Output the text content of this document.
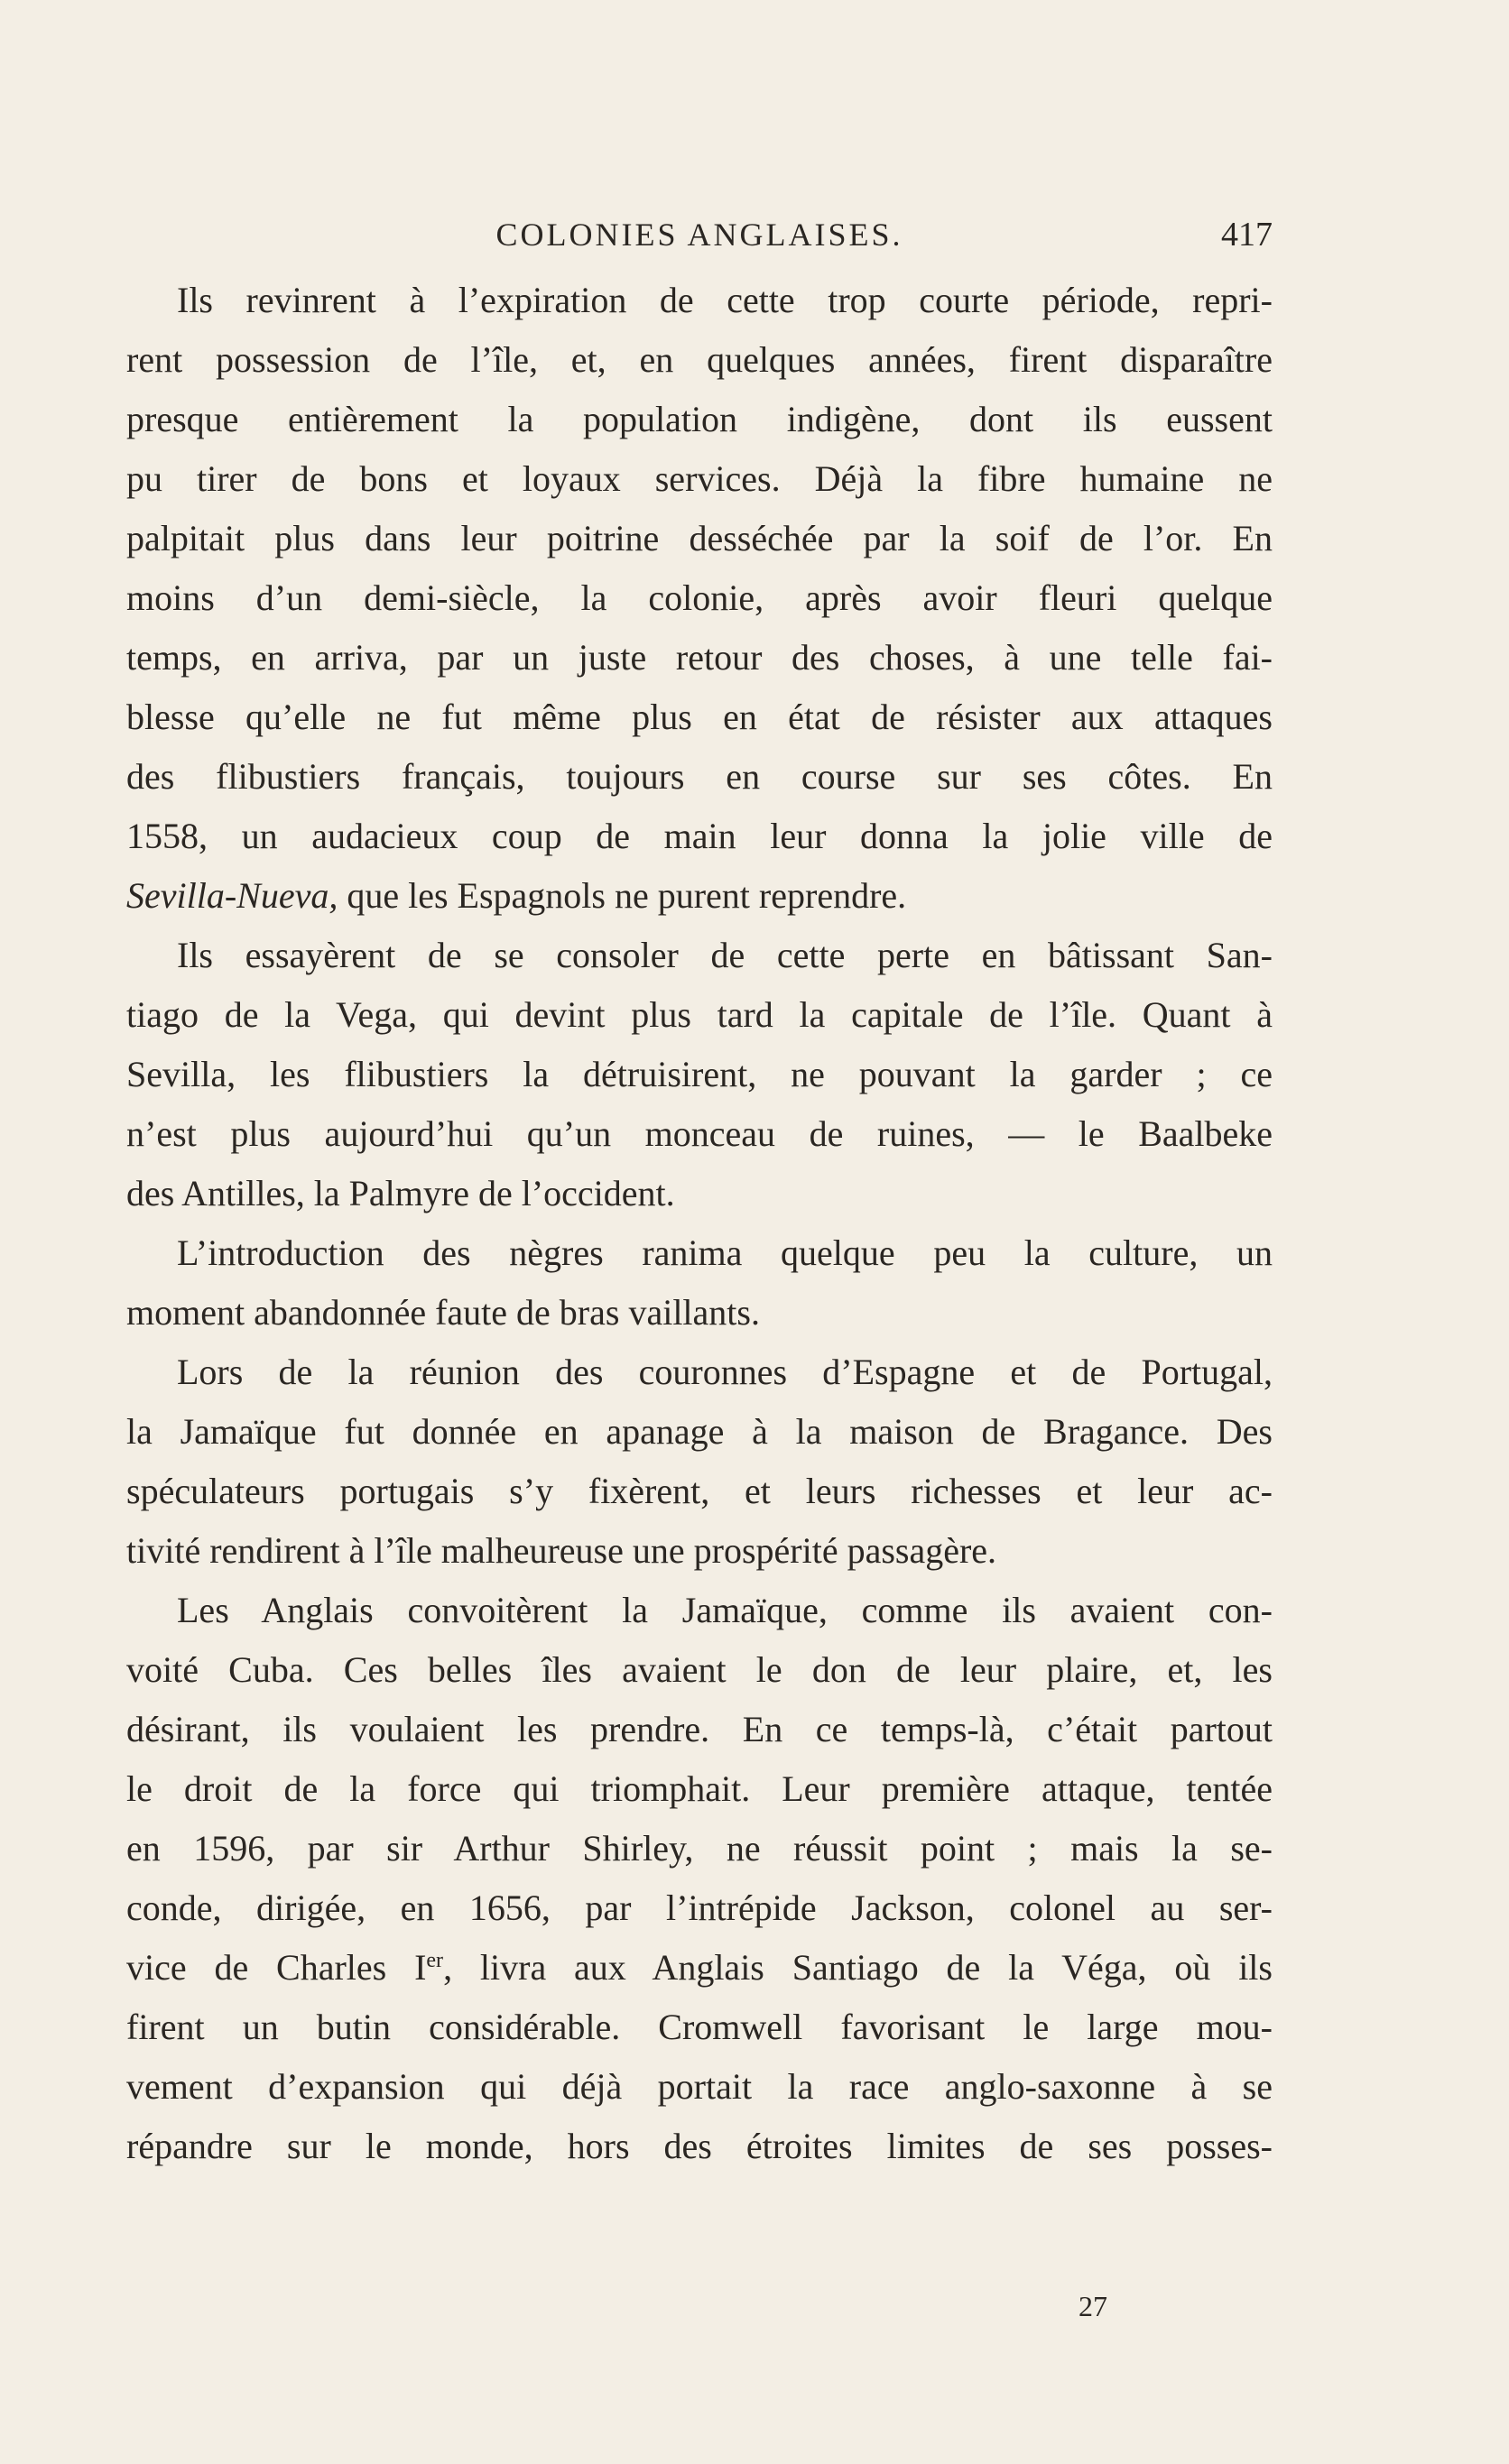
COLONIES ANGLAISES.	417
Ils revinrent à l’expiration de cette trop courte période, repri-
rent possession de l’île, et, en quelques années, firent disparaître
presque entièrement la population indigène, dont ils eussent
pu tirer de bons et loyaux services. Déjà la fibre humaine ne
palpitait plus dans leur poitrine desséchée par la soif de l’or. En
moins d’un demi-siècle, la colonie, après avoir fleuri quelque
temps, en arriva, par un juste retour des choses, à une telle fai-
blesse qu’elle ne fut même plus en état de résister aux attaques
des flibustiers français, toujours en course sur ses côtes. En
1558, un audacieux coup de main leur donna la jolie ville de
Sevilla-Nueva, que les Espagnols ne purent reprendre.
Ils essayèrent de se consoler de cette perte en bâtissant San-
tiago de la Vega, qui devint plus tard la capitale de l’île. Quant à
Sevilla, les flibustiers la détruisirent, ne pouvant la garder ; ce
n’est plus aujourd’hui qu’un monceau de ruines, — le Baalbeke
des Antilles, la Palmyre de l’occident.
L’introduction des nègres ranima quelque peu la culture, un
moment abandonnée faute de bras vaillants.
Lors de la réunion des couronnes d’Espagne et de Portugal,
la Jamaïque fut donnée en apanage à la maison de Bragance. Des
spéculateurs portugais s’y fixèrent, et leurs richesses et leur ac-
tivité rendirent à l’île malheureuse une prospérité passagère.
Les Anglais convoitèrent la Jamaïque, comme ils avaient con-
voité Cuba. Ces belles îles avaient le don de leur plaire, et, les
désirant, ils voulaient les prendre. En ce temps-là, c’était partout
le droit de la force qui triomphait. Leur première attaque, tentée
en 1596, par sir Arthur Shirley, ne réussit point ; mais la se-
conde, dirigée, en 1656, par l’intrépide Jackson, colonel au ser-
vice de Charles Ier, livra aux Anglais Santiago de la Véga, où ils
firent un butin considérable. Cromwell favorisant le large mou-
vement d’expansion qui déjà portait la race anglo-saxonne à se
répandre sur le monde, hors des étroites limites de ses posses-
27
